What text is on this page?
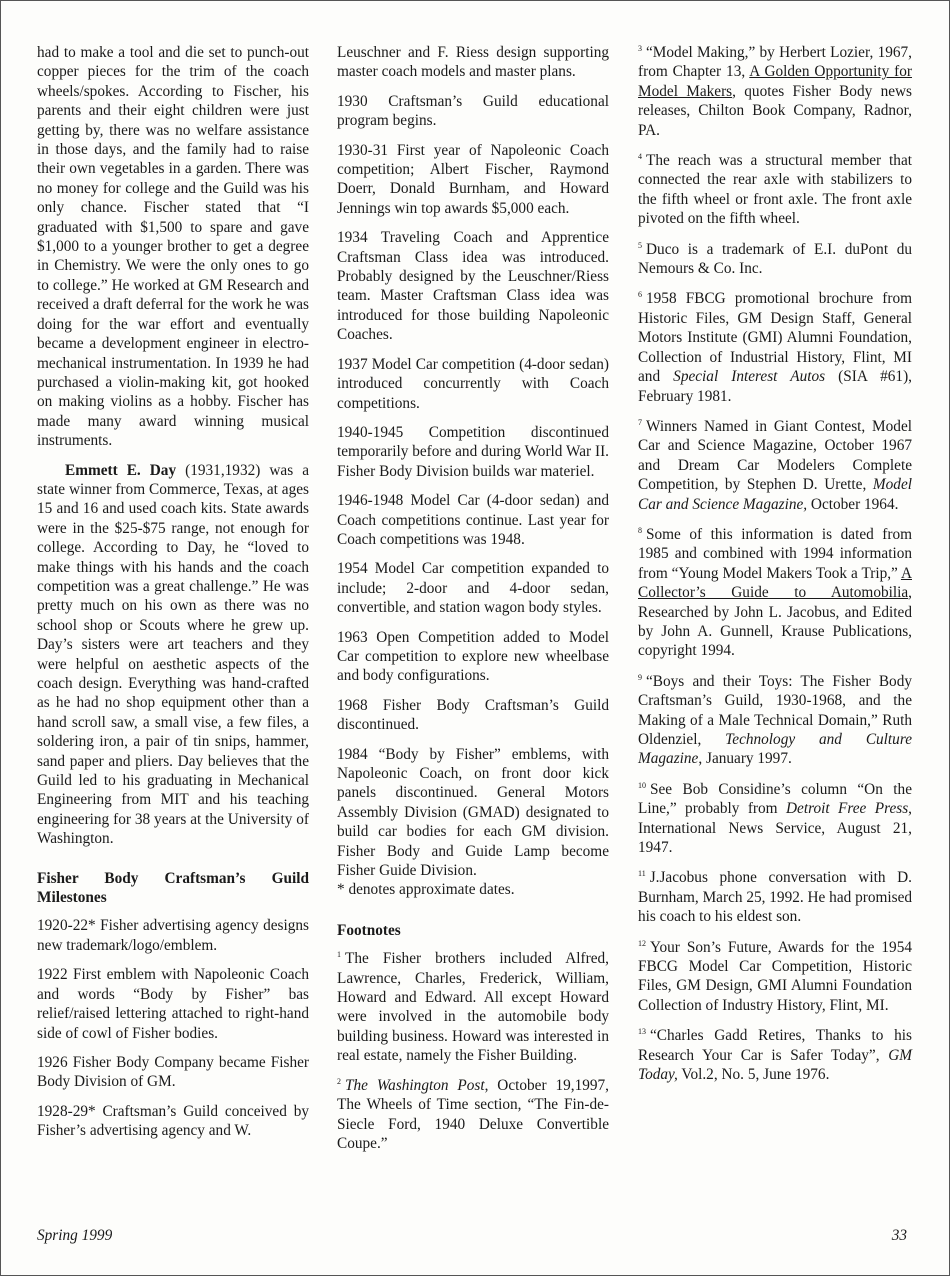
had to make a tool and die set to punch-out copper pieces for the trim of the coach wheels/spokes. According to Fischer, his parents and their eight children were just getting by, there was no welfare assistance in those days, and the family had to raise their own vegetables in a garden. There was no money for college and the Guild was his only chance. Fischer stated that “I graduated with $1,500 to spare and gave $1,000 to a younger brother to get a degree in Chemistry. We were the only ones to go to college.” He worked at GM Research and received a draft deferral for the work he was doing for the war effort and eventually became a development engineer in electro-mechanical instrumentation. In 1939 he had purchased a violin-making kit, got hooked on making violins as a hobby. Fischer has made many award winning musical instruments.

Emmett E. Day (1931,1932) was a state winner from Commerce, Texas, at ages 15 and 16 and used coach kits. State awards were in the $25-$75 range, not enough for college. According to Day, he “loved to make things with his hands and the coach competition was a great challenge.” He was pretty much on his own as there was no school shop or Scouts where he grew up. Day’s sisters were art teachers and they were helpful on aesthetic aspects of the coach design. Everything was hand-crafted as he had no shop equipment other than a hand scroll saw, a small vise, a few files, a soldering iron, a pair of tin snips, hammer, sand paper and pliers. Day believes that the Guild led to his graduating in Mechanical Engineering from MIT and his teaching engineering for 38 years at the University of Washington.

Fisher Body Craftsman’s Guild Milestones

1920-22* Fisher advertising agency designs new trademark/logo/emblem.

1922 First emblem with Napoleonic Coach and words “Body by Fisher” bas relief/raised lettering attached to right-hand side of cowl of Fisher bodies.

1926 Fisher Body Company became Fisher Body Division of GM.

1928-29* Craftsman’s Guild conceived by Fisher’s advertising agency and W.

Leuschner and F. Riess design supporting master coach models and master plans.

1930 Craftsman’s Guild educational program begins.

1930-31 First year of Napoleonic Coach competition; Albert Fischer, Raymond Doerr, Donald Burnham, and Howard Jennings win top awards $5,000 each.

1934 Traveling Coach and Apprentice Craftsman Class idea was introduced. Probably designed by the Leuschner/Riess team. Master Craftsman Class idea was introduced for those building Napoleonic Coaches.

1937 Model Car competition (4-door sedan) introduced concurrently with Coach competitions.

1940-1945 Competition discontinued temporarily before and during World War II. Fisher Body Division builds war materiel.

1946-1948 Model Car (4-door sedan) and Coach competitions continue. Last year for Coach competitions was 1948.

1954 Model Car competition expanded to include; 2-door and 4-door sedan, convertible, and station wagon body styles.

1963 Open Competition added to Model Car competition to explore new wheelbase and body configurations.

1968 Fisher Body Craftsman’s Guild discontinued.

1984 “Body by Fisher” emblems, with Napoleonic Coach, on front door kick panels discontinued. General Motors Assembly Division (GMAD) designated to build car bodies for each GM division. Fisher Body and Guide Lamp become Fisher Guide Division.

* denotes approximate dates.

Footnotes

$^1$ The Fisher brothers included Alfred, Lawrence, Charles, Frederick, William, Howard and Edward. All except Howard were involved in the automobile body building business. Howard was interested in real estate, namely the Fisher Building.

$^2$ The Washington Post, October 19,1997, The Wheels of Time section, “The Fin-de-Siecle Ford, 1940 Deluxe Convertible Coupe.”

$^3$ “Model Making,” by Herbert Lozier, 1967, from Chapter 13, A Golden Opportunity for Model Makers, quotes Fisher Body news releases, Chilton Book Company, Radnor, PA.

$^4$ The reach was a structural member that connected the rear axle with stabilizers to the fifth wheel or front axle. The front axle pivoted on the fifth wheel.

$^5$ Duco is a trademark of E.I. duPont du Nemours & Co. Inc.

$^6$ 1958 FBCG promotional brochure from Historic Files, GM Design Staff, General Motors Institute (GMI) Alumni Foundation, Collection of Industrial History, Flint, MI and Special Interest Autos (SIA #61), February 1981.

$^7$ Winners Named in Giant Contest, Model Car and Science Magazine, October 1967 and Dream Car Modelers Complete Competition, by Stephen D. Urette, Model Car and Science Magazine, October 1964.

$^8$ Some of this information is dated from 1985 and combined with 1994 information from “Young Model Makers Took a Trip,” A Collector’s Guide to Automobilia, Researched by John L. Jacobus, and Edited by John A. Gunnell, Krause Publications, copyright 1994.

$^9$ “Boys and their Toys: The Fisher Body Craftsman’s Guild, 1930-1968, and the Making of a Male Technical Domain,” Ruth Oldenziel, Technology and Culture Magazine, January 1997.

$^{10}$ See Bob Considine’s column “On the Line,” probably from Detroit Free Press, International News Service, August 21, 1947.

$^{11}$ J.Jacobus phone conversation with D. Burnham, March 25, 1992. He had promised his coach to his eldest son.

$^{12}$ Your Son’s Future, Awards for the 1954 FBCG Model Car Competition, Historic Files, GM Design, GMI Alumni Foundation Collection of Industry History, Flint, MI.

$^{13}$ “Charles Gadd Retires, Thanks to his Research Your Car is Safer Today”, GM Today, Vol.2, No. 5, June 1976.

Spring 1999	33
